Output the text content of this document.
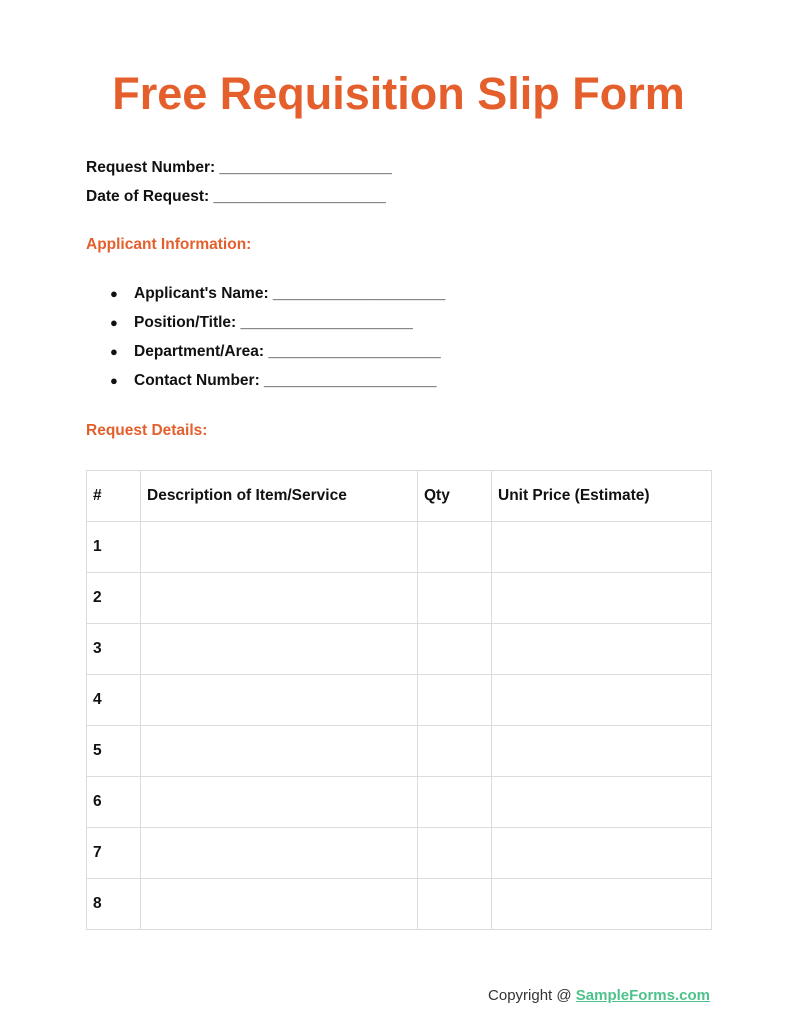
Free Requisition Slip Form
Request Number: ____________________
Date of Request: ____________________
Applicant Information:
●	Applicant's Name: ____________________
●	Position/Title: ____________________
●	Department/Area: ____________________
●	Contact Number: ____________________
Request Details:
#	Description of Item/Service	Qty	Unit Price (Estimate)
1			
2			
3			
4			
5			
6			
7			
8			
Copyright @ SampleForms.com
